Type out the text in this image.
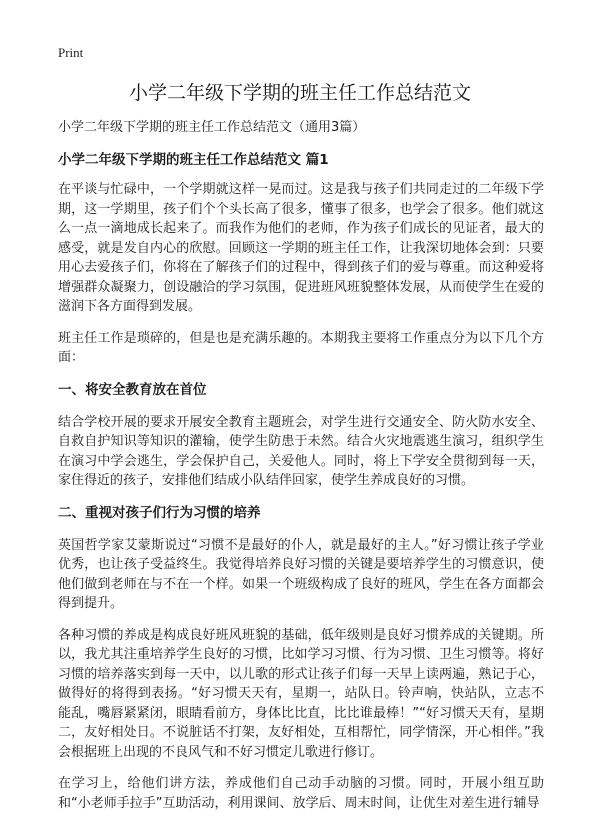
Print
小学二年级下学期的班主任工作总结范文
小学二年级下学期的班主任工作总结范文（通用3篇）
小学二年级下学期的班主任工作总结范文 篇1

在平谈与忙碌中，一个学期就这样一晃而过。这是我与孩子们共同走过的二年级下学期，这一学期里，孩子们个个头长高了很多，懂事了很多，也学会了很多。他们就这么一点一滴地成长起来了。而我作为他们的老师，作为孩子们成长的见证者，最大的感受，就是发自内心的欣慰。回顾这一学期的班主任工作，让我深切地体会到：只要用心去爱孩子们，你将在了解孩子们的过程中，得到孩子们的爱与尊重。而这种爱将增强群众凝聚力，创设融洽的学习氛围，促进班风班貌整体发展，从而使学生在爱的滋润下各方面得到发展。

班主任工作是琐碎的，但是也是充满乐趣的。本期我主要将工作重点分为以下几个方面：

一、将安全教育放在首位

结合学校开展的要求开展安全教育主题班会，对学生进行交通安全、防火防水安全、自救自护知识等知识的灌输，使学生防患于未然。结合火灾地震逃生演习，组织学生在演习中学会逃生，学会保护自己，关爱他人。同时，将上下学安全贯彻到每一天，家住得近的孩子，安排他们结成小队结伴回家，使学生养成良好的习惯。

二、重视对孩子们行为习惯的培养

英国哲学家艾蒙斯说过“习惯不是最好的仆人，就是最好的主人。”好习惯让孩子学业优秀，也让孩子受益终生。我觉得培养良好习惯的关键是要培养学生的习惯意识，使他们做到老师在与不在一个样。如果一个班级构成了良好的班风，学生在各方面都会得到提升。

各种习惯的养成是构成良好班风班貌的基础，低年级则是良好习惯养成的关键期。所以，我尤其注重培养学生良好的习惯，比如学习习惯、行为习惯、卫生习惯等。将好习惯的培养落实到每一天中，以儿歌的形式让孩子们每一天早上读两遍，熟记于心，做得好的将得到表扬。“好习惯天天有，星期一，站队日。铃声响，快站队，立志不能乱，嘴唇紧紧闭，眼睛看前方，身体比比直，比比谁最棒！”“好习惯天天有，星期二，友好相处日。不说脏话不打架，友好相处，互相帮忙，同学情深，开心相伴。”我会根据班上出现的不良风气和不好习惯定儿歌进行修订。

在学习上，给他们讲方法，养成他们自己动手动脑的习惯。同时，开展小组互助和“小老师手拉手”互助活动，利用课间、放学后、周末时间，让优生对差生进行辅导
